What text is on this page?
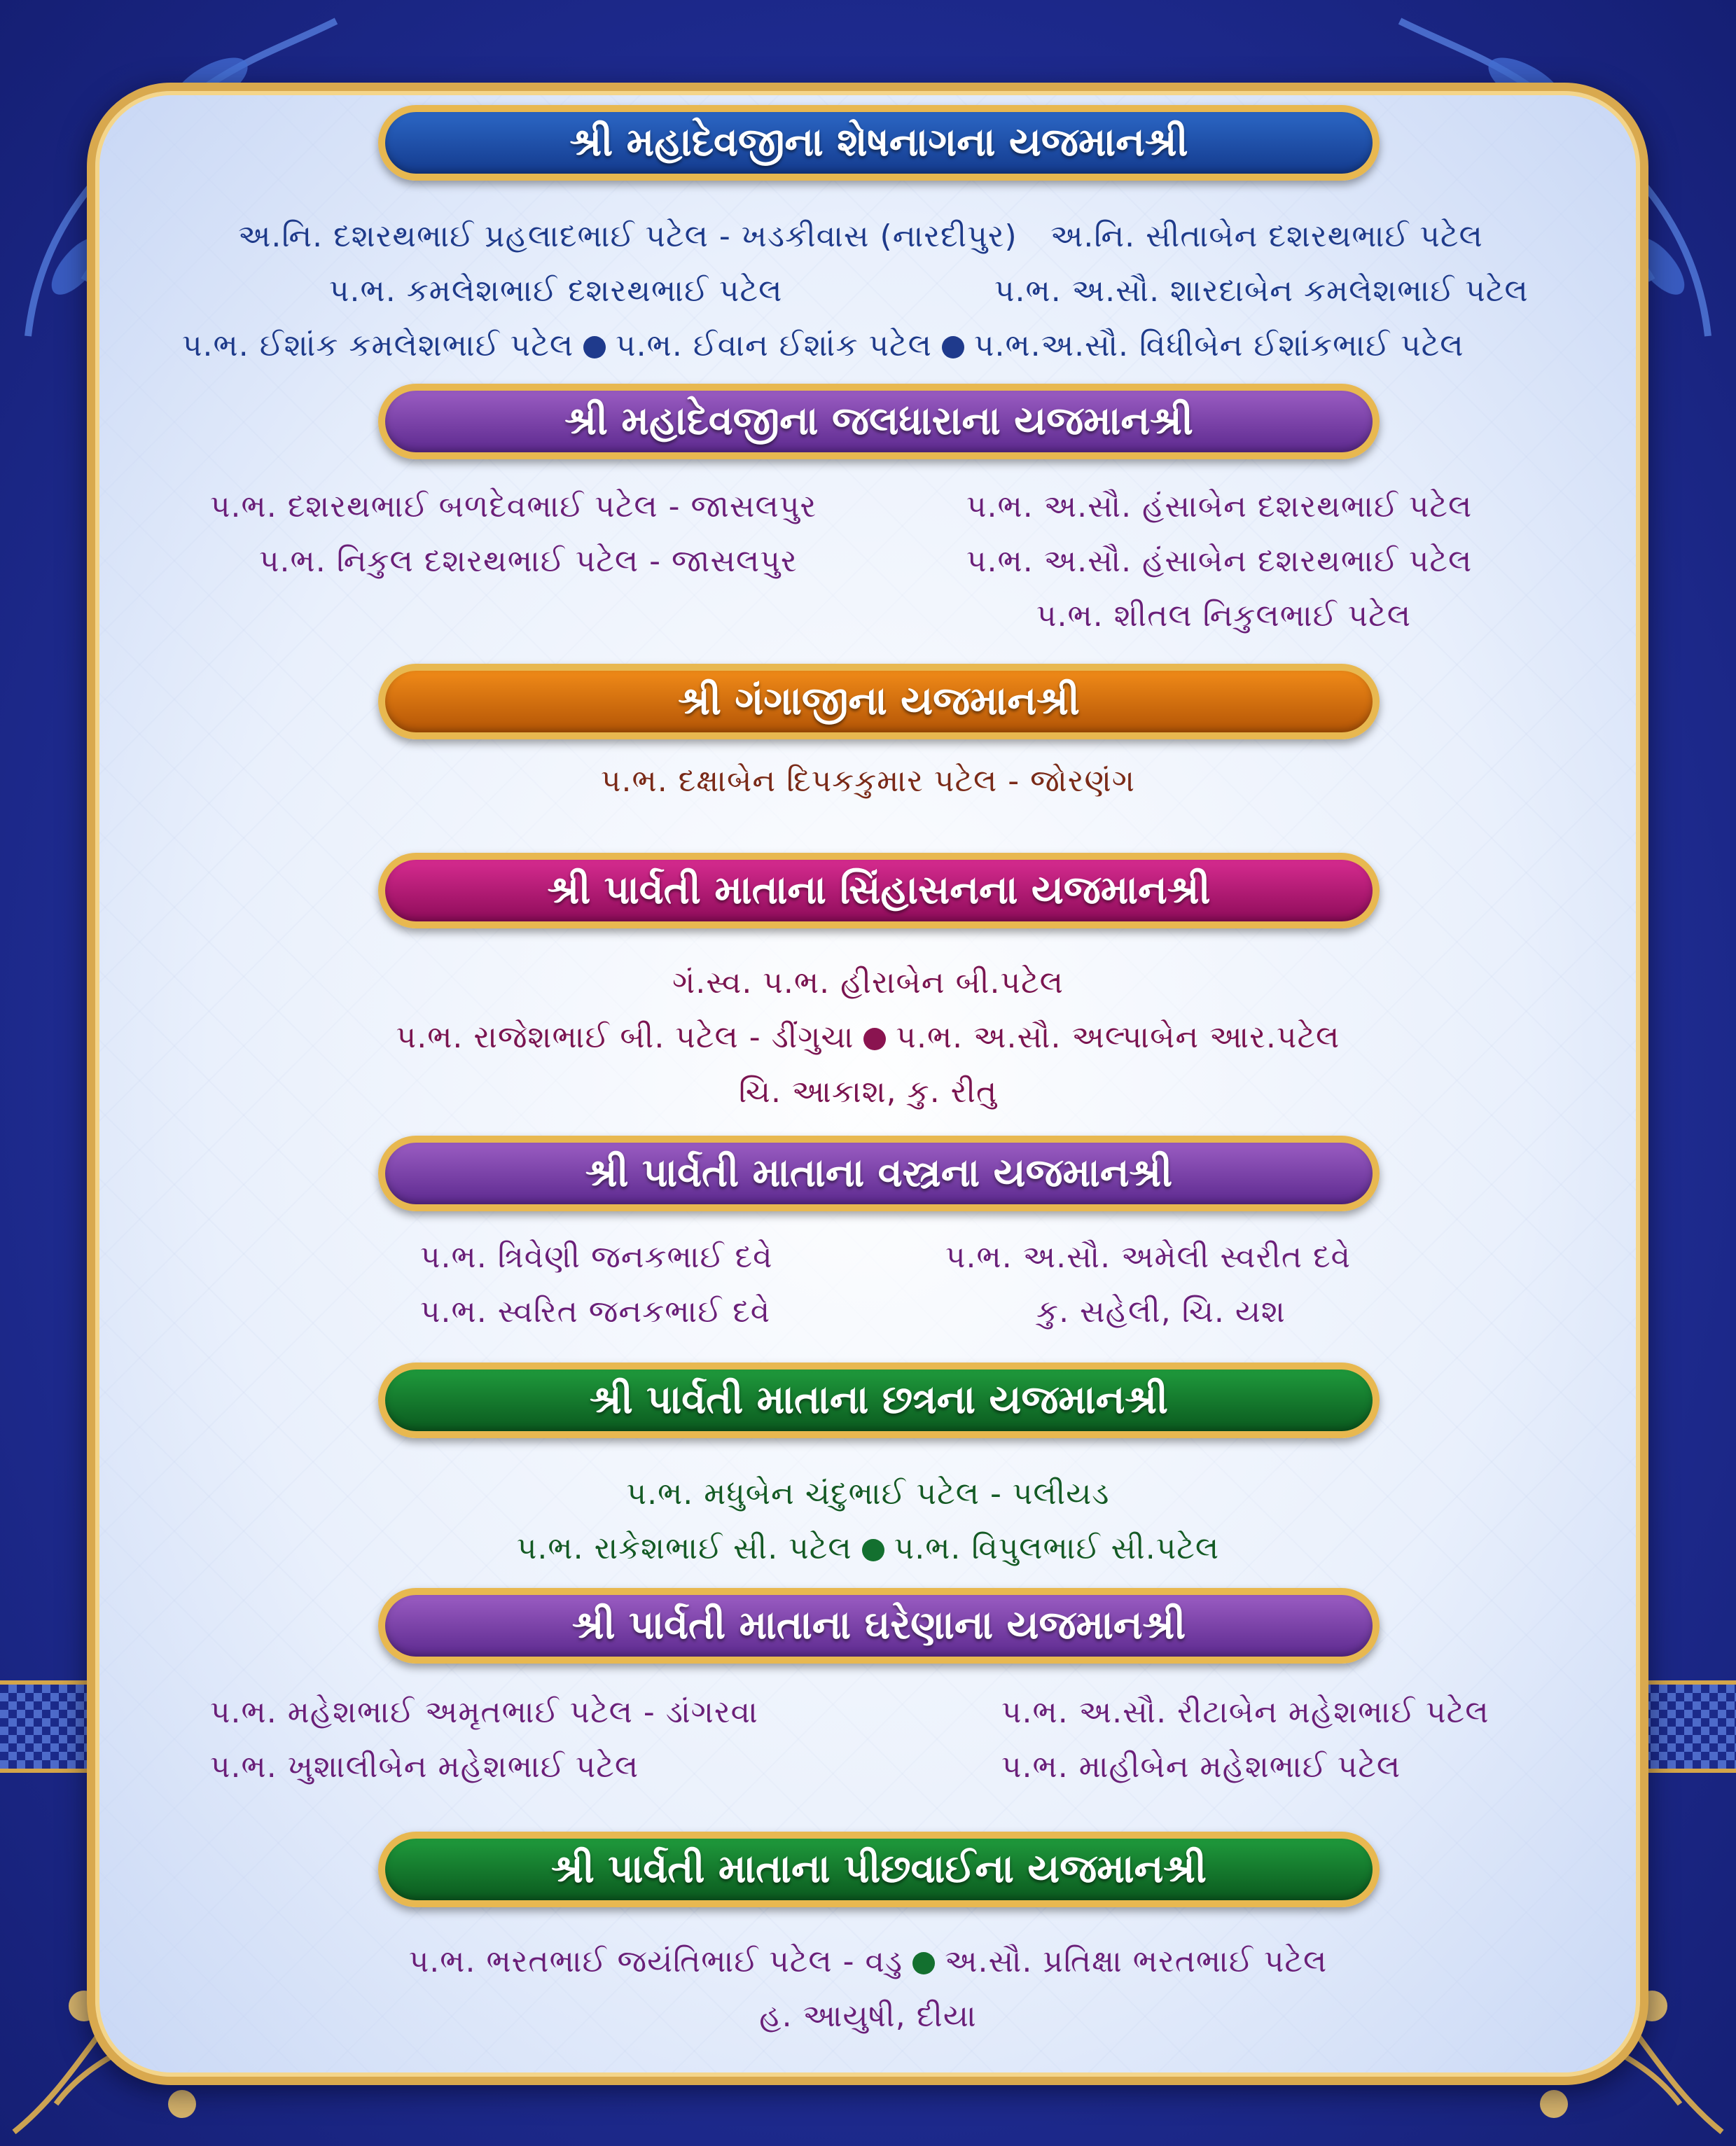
શ્રી મહાદેવજીના શેષનાગના યજમાનશ્રી
અ.નિ. દશરથભાઈ પ્રહલાદભાઈ પટેલ - ખડકીવાસ (નારદીપુર)
પ.ભ. કમલેશભાઈ દશરથભાઈ પટેલ
અ.નિ. સીતાબેન દશરથભાઈ પટેલ
પ.ભ. અ.સૌ. શારદાબેન કમલેશભાઈ પટેલ
પ.ભ. ઈશાંક કમલેશભાઈ પટેલ પ.ભ. ઈવાન ઈશાંક પટેલ પ.ભ.અ.સૌ. વિધીબેન ઈશાંકભાઈ પટેલ
શ્રી મહાદેવજીના જલધારાના યજમાનશ્રી
પ.ભ. દશરથભાઈ બળદેવભાઈ પટેલ - જાસલપુર
પ.ભ. નિકુલ દશરથભાઈ પટેલ - જાસલપુર
પ.ભ. અ.સૌ. હંસાબેન દશરથભાઈ પટેલ
પ.ભ. અ.સૌ. હંસાબેન દશરથભાઈ પટેલ
પ.ભ. શીતલ નિકુલભાઈ પટેલ
શ્રી ગંગાજીના યજમાનશ્રી
પ.ભ. દક્ષાબેન દિપકકુમાર પટેલ - જોરણંગ
શ્રી પાર્વતી માતાના સિંહાસનના યજમાનશ્રી
ગં.સ્વ. પ.ભ. હીરાબેન બી.પટેલ
પ.ભ. રાજેશભાઈ બી. પટેલ - ડીંગુચા પ.ભ. અ.સૌ. અલ્પાબેન આર.પટેલ
ચિ. આકાશ, કુ. રીતુ
શ્રી પાર્વતી માતાના વસ્ત્રના યજમાનશ્રી
પ.ભ. ત્રિવેણી જનકભાઈ દવે
પ.ભ. સ્વરિત જનકભાઈ દવે
પ.ભ. અ.સૌ. અમેલી સ્વરીત દવે
કુ. સહેલી, ચિ. યશ
શ્રી પાર્વતી માતાના છત્રના યજમાનશ્રી
પ.ભ. મધુબેન ચંદુભાઈ પટેલ - પલીયડ
પ.ભ. રાકેશભાઈ સી. પટેલ પ.ભ. વિપુલભાઈ સી.પટેલ
શ્રી પાર્વતી માતાના ઘરેણાના યજમાનશ્રી
પ.ભ. મહેશભાઈ અમૃતભાઈ પટેલ - ડાંગરવા
પ.ભ. ખુશાલીબેન મહેશભાઈ પટેલ
પ.ભ. અ.સૌ. રીટાબેન મહેશભાઈ પટેલ
પ.ભ. માહીબેન મહેશભાઈ પટેલ
શ્રી પાર્વતી માતાના પીછવાઈના યજમાનશ્રી
પ.ભ. ભરતભાઈ જયંતિભાઈ પટેલ - વડુ અ.સૌ. પ્રતિક્ષા ભરતભાઈ પટેલ
હ. આયુષી, દીયા
